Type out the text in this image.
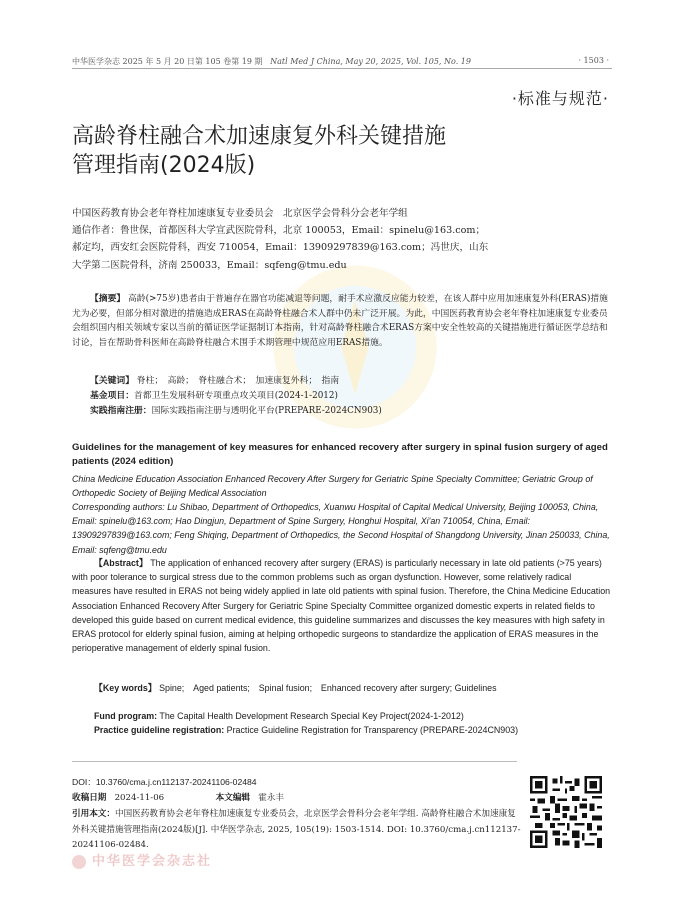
中华医学杂志 2025 年 5 月 20 日第 105 卷第 19 期 Natl Med J China, May 20, 2025, Vol. 105, No. 19	· 1503 ·
·标准与规范·
高龄脊柱融合术加速康复外科关键措施
管理指南(2024版)
中国医药教育协会老年脊柱加速康复专业委员会　北京医学会骨科分会老年学组
通信作者：鲁世保，首都医科大学宣武医院骨科，北京 100053，Email：spinelu@163.com；
郝定均，西安红会医院骨科，西安 710054，Email：13909297839@163.com；冯世庆，山东
大学第二医院骨科，济南 250033，Email：sqfeng@tmu.edu
【摘要】 高龄(>75岁)患者由于普遍存在器官功能减退等问题，耐手术应激反应能力较差，在该人群中应用加速康复外科(ERAS)措施尤为必要，但部分相对激进的措施造成ERAS在高龄脊柱融合术人群中仍未广泛开展。为此，中国医药教育协会老年脊柱加速康复专业委员会组织国内相关领域专家以当前的循证医学证据制订本指南，针对高龄脊柱融合术ERAS方案中安全性较高的关键措施进行循证医学总结和讨论，旨在帮助骨科医师在高龄脊柱融合术围手术期管理中规范应用ERAS措施。
【关键词】 脊柱；　高龄；　脊柱融合术；　加速康复外科；　指南
基金项目：首都卫生发展科研专项重点攻关项目(2024-1-2012)
实践指南注册：国际实践指南注册与透明化平台(PREPARE-2024CN903)
Guidelines for the management of key measures for enhanced recovery after surgery in spinal fusion surgery of aged patients (2024 edition)
China Medicine Education Association Enhanced Recovery After Surgery for Geriatric Spine Specialty Committee; Geriatric Group of Orthopedic Society of Beijing Medical Association
Corresponding authors: Lu Shibao, Department of Orthopedics, Xuanwu Hospital of Capital Medical University, Beijing 100053, China, Email: spinelu@163.com; Hao Dingjun, Department of Spine Surgery, Honghui Hospital, Xi'an 710054, China, Email: 13909297839@163.com; Feng Shiqing, Department of Orthopedics, the Second Hospital of Shangdong University, Jinan 250033, China, Email: sqfeng@tmu.edu
【Abstract】 The application of enhanced recovery after surgery (ERAS) is particularly necessary in late old patients (>75 years) with poor tolerance to surgical stress due to the common problems such as organ dysfunction. However, some relatively radical measures have resulted in ERAS not being widely applied in late old patients with spinal fusion. Therefore, the China Medicine Education Association Enhanced Recovery After Surgery for Geriatric Spine Specialty Committee organized domestic experts in related fields to developed this guide based on current medical evidence, this guideline summarizes and discusses the key measures with high safety in ERAS protocol for elderly spinal fusion, aiming at helping orthopedic surgeons to standardize the application of ERAS measures in the perioperative management of elderly spinal fusion.
【Key words】 Spine;　Aged patients;　Spinal fusion;　Enhanced recovery after surgery; Guidelines
Fund program: The Capital Health Development Research Special Key Project(2024-1-2012)
Practice guideline registration: Practice Guideline Registration for Transparency (PREPARE-2024CN903)
DOI：10.3760/cma.j.cn112137-20241106-02484
收稿日期 2024-11-06	本文编辑 霍永丰
引用本文：中国医药教育协会老年脊柱加速康复专业委员会，北京医学会骨科分会老年学组. 高龄脊柱融合术加速康复外科关键措施管理指南(2024版)[J]. 中华医学杂志, 2025, 105(19): 1503-1514. DOI: 10.3760/cma.j.cn112137-20241106-02484.
中华医学会杂志社
